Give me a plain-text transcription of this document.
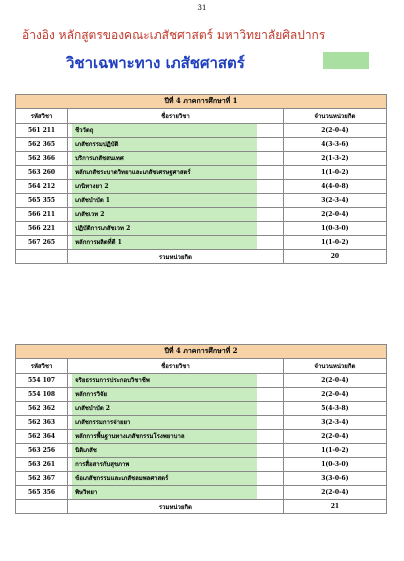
31
อ้างอิง หลักสูตรของคณะเภสัชศาสตร์ มหาวิทยาลัยศิลปากร
วิชาเฉพาะทาง เภสัชศาสตร์
ปีที่ 4 ภาคการศึกษาที่ 1		
รหัสวิชา	ชื่อรายวิชา	จำนวนหน่วยกิต
561 211	ชีววัตถุ	2(2-0-4)
562 365	เภสัชกรรมปฏิบัติ	4(3-3-6)
562 366	บริการเภสัชสนเทศ	2(1-3-2)
563 260	หลักเภสัชระบาดวิทยาและเภสัชเศรษฐศาสตร์	1(1-0-2)
564 212	เภนิทางยา 2	4(4-0-8)
565 355	เภสัชบำบัด 1	3(2-3-4)
566 211	เภสัชเวท 2	2(2-0-4)
566 221	ปฏิบัติการเภสัชเวท 2	1(0-3-0)
567 265	หลักการผลิตที่ดี 1	1(1-0-2)
	รวมหน่วยกิต	20
ปีที่ 4 ภาคการศึกษาที่ 2		
รหัสวิชา	ชื่อรายวิชา	จำนวนหน่วยกิต
554 107	จริยธรรมการประกอบวิชาชีพ	2(2-0-4)
554 108	หลักการวิจัย	2(2-0-4)
562 362	เภสัชบำบัด 2	5(4-3-8)
562 363	เภสัชกรรมการจ่ายยา	3(2-3-4)
562 364	หลักการพื้นฐานทางเภสัชกรรมโรงพยาบาล	2(2-0-4)
563 256	นิติเภสัช	1(1-0-2)
563 261	การสื่อสารกับสุขภาพ	1(0-3-0)
562 367	ข้อเภสัชกรรมและเภสัชลมพลศาสตร์	3(3-0-6)
565 356	พิษวิทยา	2(2-0-4)
	รวมหน่วยกิต	21
